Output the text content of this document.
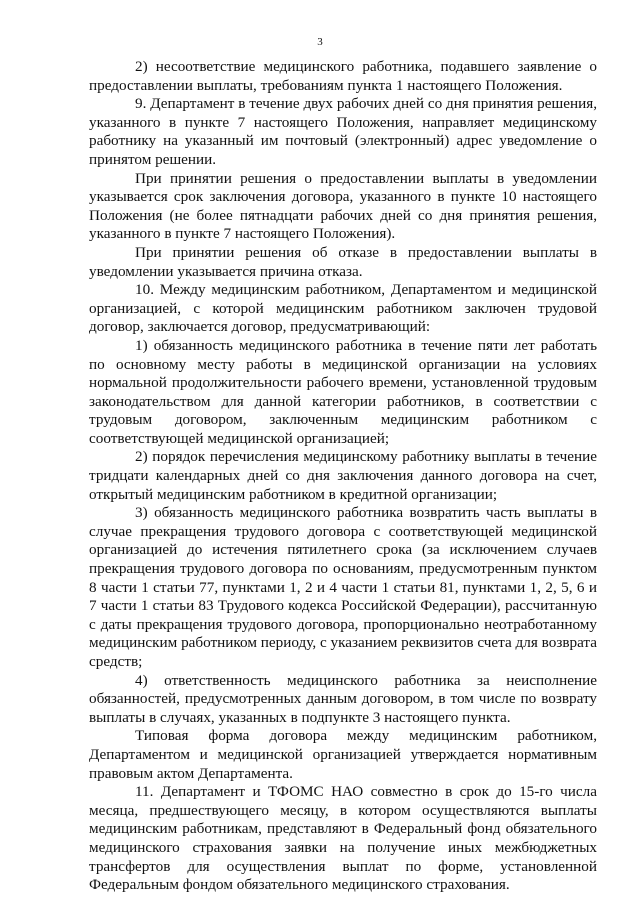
3

2) несоответствие медицинского работника, подавшего заявление о предоставлении выплаты, требованиям пункта 1 настоящего Положения.

9. Департамент в течение двух рабочих дней со дня принятия решения, указанного в пункте 7 настоящего Положения, направляет медицинскому работнику на указанный им почтовый (электронный) адрес уведомление о принятом решении.

При принятии решения о предоставлении выплаты в уведомлении указывается срок заключения договора, указанного в пункте 10 настоящего Положения (не более пятнадцати рабочих дней со дня принятия решения, указанного в пункте 7 настоящего Положения).

При принятии решения об отказе в предоставлении выплаты в уведомлении указывается причина отказа.

10. Между медицинским работником, Департаментом и медицинской организацией, с которой медицинским работником заключен трудовой договор, заключается договор, предусматривающий:

1) обязанность медицинского работника в течение пяти лет работать по основному месту работы в медицинской организации на условиях нормальной продолжительности рабочего времени, установленной трудовым законодательством для данной категории работников, в соответствии с трудовым договором, заключенным медицинским работником с соответствующей медицинской организацией;

2) порядок перечисления медицинскому работнику выплаты в течение тридцати календарных дней со дня заключения данного договора на счет, открытый медицинским работником в кредитной организации;

3) обязанность медицинского работника возвратить часть выплаты в случае прекращения трудового договора с соответствующей медицинской организацией до истечения пятилетнего срока (за исключением случаев прекращения трудового договора по основаниям, предусмотренным пунктом 8 части 1 статьи 77, пунктами 1, 2 и 4 части 1 статьи 81, пунктами 1, 2, 5, 6 и 7 части 1 статьи 83 Трудового кодекса Российской Федерации), рассчитанную с даты прекращения трудового договора, пропорционально неотработанному медицинским работником периоду, с указанием реквизитов счета для возврата средств;

4) ответственность медицинского работника за неисполнение обязанностей, предусмотренных данным договором, в том числе по возврату выплаты в случаях, указанных в подпункте 3 настоящего пункта.

Типовая форма договора между медицинским работником, Департаментом и медицинской организацией утверждается нормативным правовым актом Департамента.

11. Департамент и ТФОМС НАО совместно в срок до 15-го числа месяца, предшествующего месяцу, в котором осуществляются выплаты медицинским работникам, представляют в Федеральный фонд обязательного медицинского страхования заявки на получение иных межбюджетных трансфертов для осуществления выплат по форме, установленной Федеральным фондом обязательного медицинского страхования.
